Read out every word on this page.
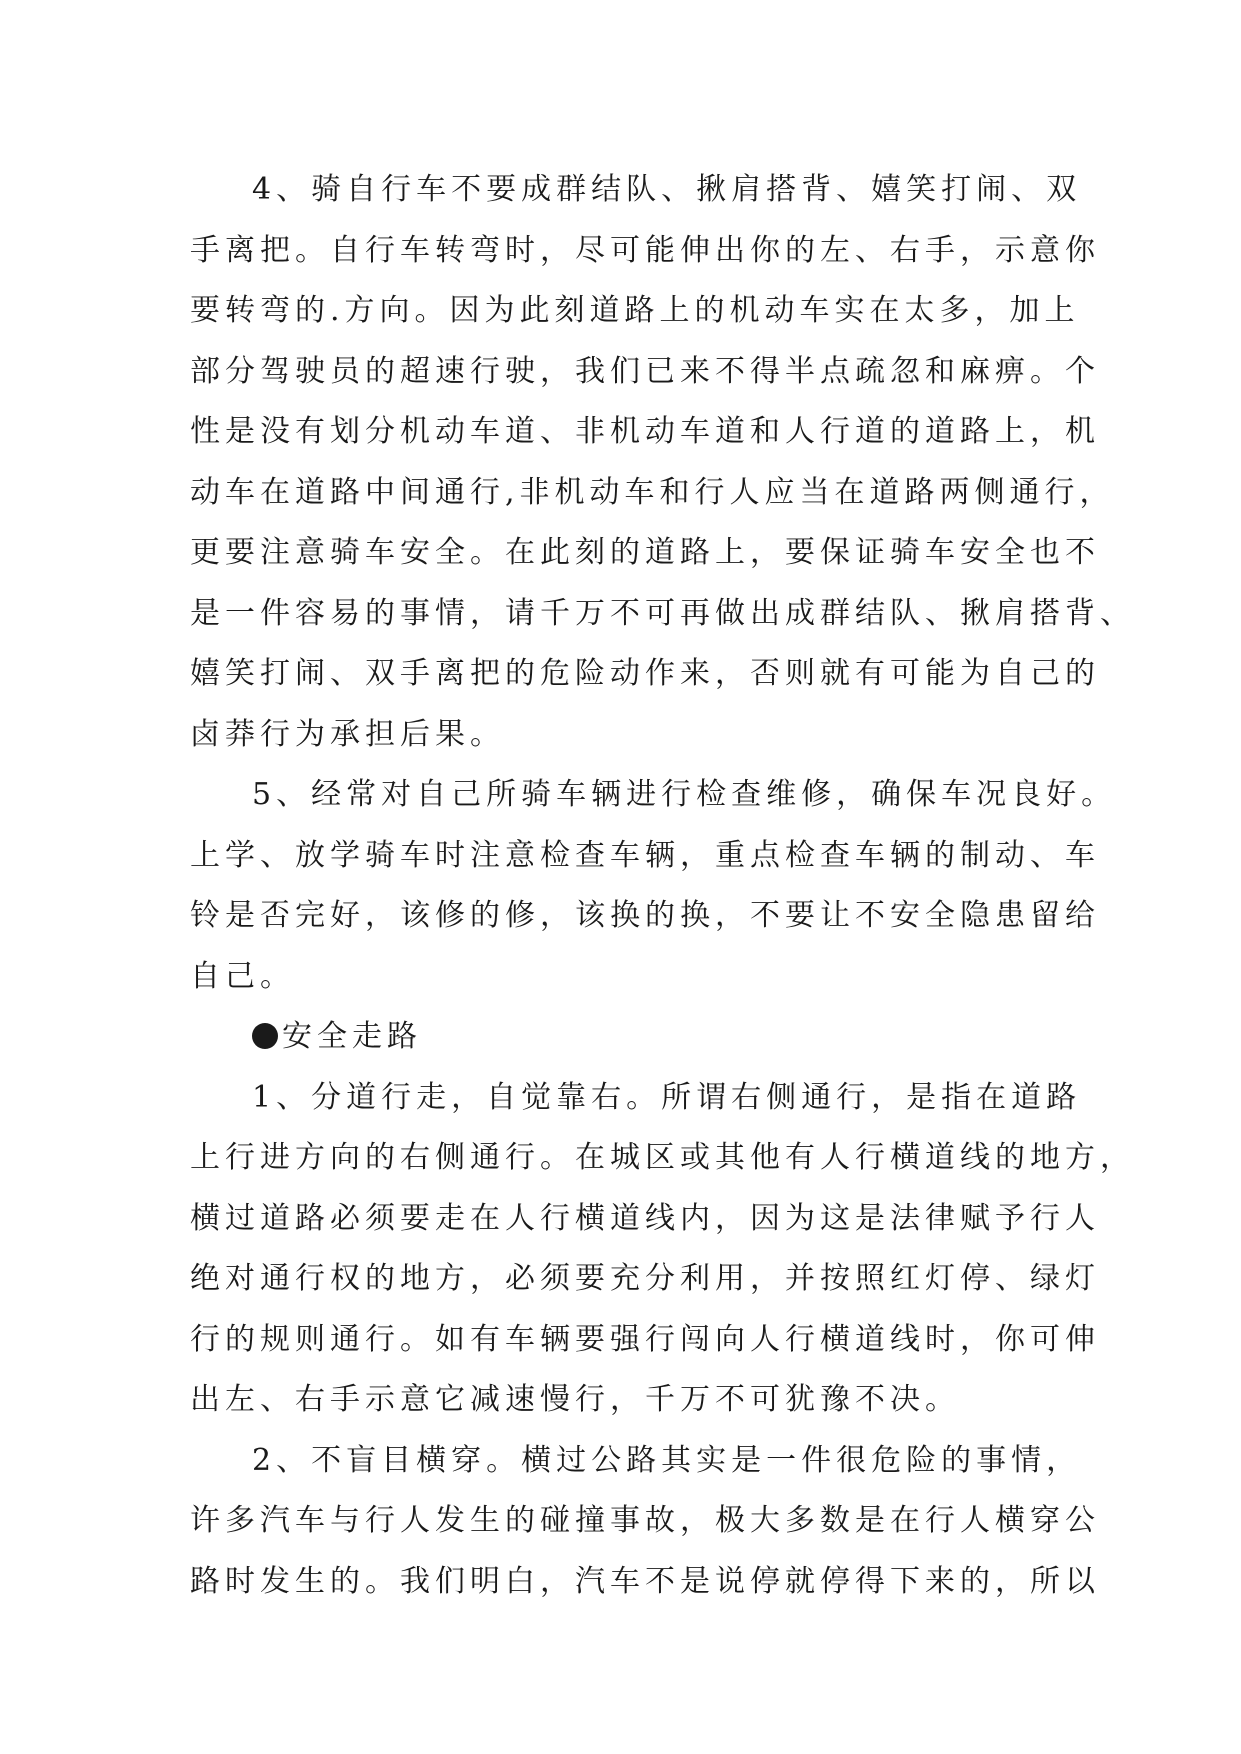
4、骑自行车不要成群结队、揪肩搭背、嬉笑打闹、双
手离把。自行车转弯时，尽可能伸出你的左、右手，示意你
要转弯的.方向。因为此刻道路上的机动车实在太多，加上
部分驾驶员的超速行驶，我们已来不得半点疏忽和麻痹。个
性是没有划分机动车道、非机动车道和人行道的道路上，机
动车在道路中间通行,非机动车和行人应当在道路两侧通行，
更要注意骑车安全。在此刻的道路上，要保证骑车安全也不
是一件容易的事情，请千万不可再做出成群结队、揪肩搭背、
嬉笑打闹、双手离把的危险动作来，否则就有可能为自己的
卤莽行为承担后果。
5、经常对自己所骑车辆进行检查维修，确保车况良好。
上学、放学骑车时注意检查车辆，重点检查车辆的制动、车
铃是否完好，该修的修，该换的换，不要让不安全隐患留给
自己。
安全走路
1、分道行走，自觉靠右。所谓右侧通行，是指在道路
上行进方向的右侧通行。在城区或其他有人行横道线的地方，
横过道路必须要走在人行横道线内，因为这是法律赋予行人
绝对通行权的地方，必须要充分利用，并按照红灯停、绿灯
行的规则通行。如有车辆要强行闯向人行横道线时，你可伸
出左、右手示意它减速慢行，千万不可犹豫不决。
2、不盲目横穿。横过公路其实是一件很危险的事情，
许多汽车与行人发生的碰撞事故，极大多数是在行人横穿公
路时发生的。我们明白，汽车不是说停就停得下来的，所以
